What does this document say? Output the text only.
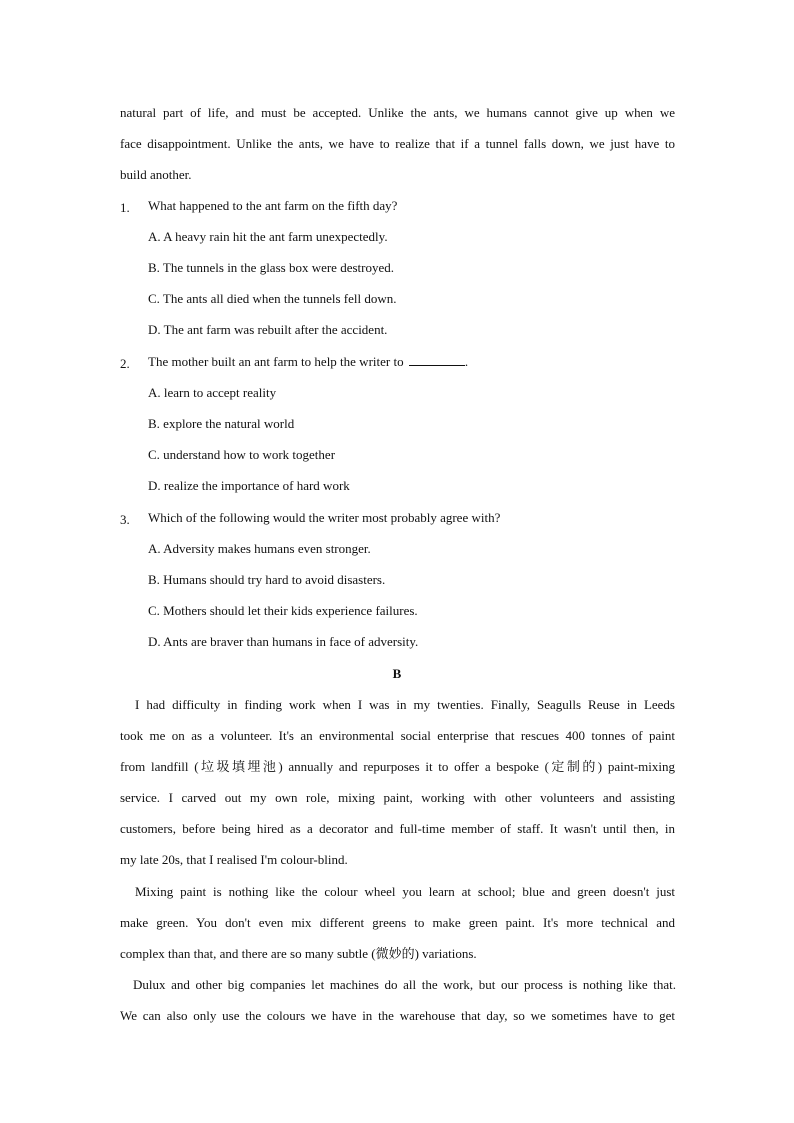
natural part of life, and must be accepted. Unlike the ants, we humans cannot give up when we
face disappointment. Unlike the ants, we have to realize that if a tunnel falls down, we just have to
build another.
1. What happened to the ant farm on the fifth day?
A. A heavy rain hit the ant farm unexpectedly.
B. The tunnels in the glass box were destroyed.
C. The ants all died when the tunnels fell down.
D. The ant farm was rebuilt after the accident.
2. The mother built an ant farm to help the writer to	.
A. learn to accept reality
B. explore the natural world
C. understand how to work together
D. realize the importance of hard work
3. Which of the following would the writer most probably agree with?
A. Adversity makes humans even stronger.
B. Humans should try hard to avoid disasters.
C. Mothers should let their kids experience failures.
D. Ants are braver than humans in face of adversity.
B
I had difficulty in finding work when I was in my twenties. Finally, Seagulls Reuse in Leeds
took me on as a volunteer. It's an environmental social enterprise that rescues 400 tonnes of paint
from landfill (垃圾填埋池) annually and repurposes it to offer a bespoke (定制的) paint-mixing
service. I carved out my own role, mixing paint, working with other volunteers and assisting
customers, before being hired as a decorator and full-time member of staff. It wasn't until then, in
my late 20s, that I realised I'm colour-blind.
Mixing paint is nothing like the colour wheel you learn at school; blue and green doesn't just
make green. You don't even mix different greens to make green paint. It's more technical and
complex than that, and there are so many subtle (微妙的) variations.
Dulux and other big companies let machines do all the work, but our process is nothing like that.
We can also only use the colours we have in the warehouse that day, so we sometimes have to get
